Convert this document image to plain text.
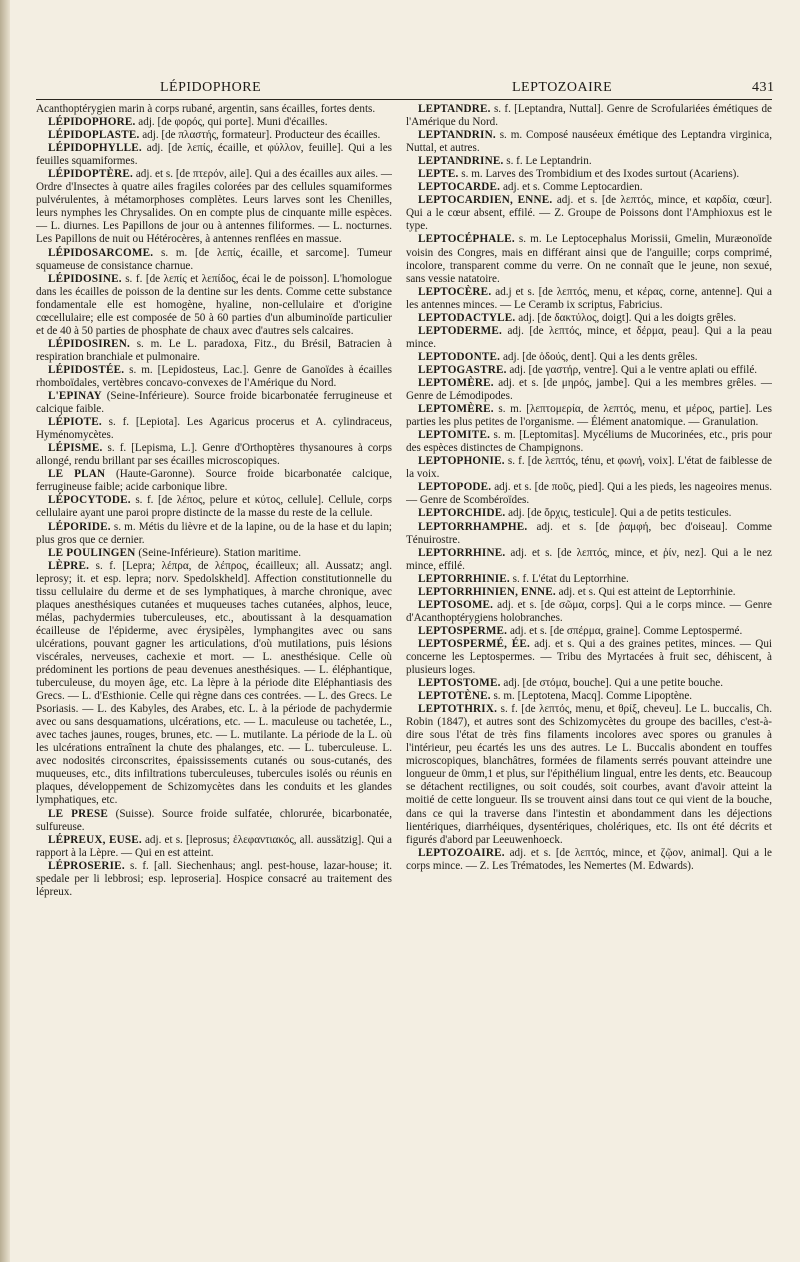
LÉPIDOPHORE	LEPTOZOAIRE	431

Acanthoptérygien marin à corps rubané, argentin, sans écailles, fortes dents.

LÉPIDOPHORE. adj. [de φορός, qui porte]. Muni d'écailles.

LÉPIDOPLASTE. adj. [de πλαστής, formateur]. Producteur des écailles.

LÉPIDOPHYLLE. adj. [de λεπίς, écaille, et φύλλον, feuille]. Qui a les feuilles squamiformes.

LÉPIDOPTÈRE. adj. et s. [de πτερόν, aile]. Qui a des écailles aux ailes. — Ordre d'Insectes à quatre ailes fragiles colorées par des cellules squamiformes pulvérulentes, à métamorphoses complètes. Leurs larves sont les Chenilles, leurs nymphes les Chrysalides. On en compte plus de cinquante mille espèces. — L. diurnes. Les Papillons de jour ou à antennes filiformes. — L. nocturnes. Les Papillons de nuit ou Hétérocères, à antennes renflées en massue.

LÉPIDOSARCOME. s. m. [de λεπίς, écaille, et sarcome]. Tumeur squameuse de consistance charnue.

LÉPIDOSINE. s. f. [de λεπίς et λεπίδος, écai le de poisson]. L'homologue dans les écailles de poisson de la dentine sur les dents. Comme cette substance fondamentale elle est homogène, hyaline, non-cellulaire et d'origine cœcellulaire; elle est composée de 50 à 60 parties d'un albuminoïde particulier et de 40 à 50 parties de phosphate de chaux avec d'autres sels calcaires.

LÉPIDOSIREN. s. m. Le L. paradoxa, Fitz., du Brésil, Batracien à respiration branchiale et pulmonaire.

LÉPIDOSTÉE. s. m. [Lepidosteus, Lac.]. Genre de Ganoïdes à écailles rhomboïdales, vertèbres concavo-convexes de l'Amérique du Nord.

L'EPINAY (Seine-Inférieure). Source froide bicarbonatée ferrugineuse et calcique faible.

LÉPIOTE. s. f. [Lepiota]. Les Agaricus procerus et A. cylindraceus, Hyménomycètes.

LÉPISME. s. f. [Lepisma, L.]. Genre d'Orthoptères thysanoures à corps allongé, rendu brillant par ses écailles microscopiques.

LE PLAN (Haute-Garonne). Source froide bicarbonatée calcique, ferrugineuse faible; acide carbonique libre.

LÉPOCYTODE. s. f. [de λέπος, pelure et κύτος, cellule]. Cellule, corps cellulaire ayant une paroi propre distincte de la masse du reste de la cellule.

LÉPORIDE. s. m. Métis du lièvre et de la lapine, ou de la hase et du lapin; plus gros que ce dernier.

LE POULINGEN (Seine-Inférieure). Station maritime.

LÈPRE. s. f. [Lepra; λέπρα, de λέπρος, écailleux; all. Aussatz; angl. leprosy; it. et esp. lepra; norv. Spedolskheld]. Affection constitutionnelle du tissu cellulaire du derme et de ses lymphatiques, à marche chronique, avec plaques anesthésiques cutanées et muqueuses taches cutanées, alphos, leuce, mélas, pachydermies tuberculeuses, etc., aboutissant à la desquamation écailleuse de l'épiderme, avec érysipèles, lymphangites avec ou sans ulcérations, pouvant gagner les articulations, d'où mutilations, puis lésions viscérales, nerveuses, cachexie et mort. — L. anesthésique. Celle où prédominent les portions de peau devenues anesthésiques. — L. éléphantique, tuberculeuse, du moyen âge, etc. La lèpre à la période dite Eléphantiasis des Grecs. — L. d'Esthionie. Celle qui règne dans ces contrées. — L. des Grecs. Le Psoriasis. — L. des Kabyles, des Arabes, etc. L. à la période de pachydermie avec ou sans desquamations, ulcérations, etc. — L. maculeuse ou tachetée, L., avec taches jaunes, rouges, brunes, etc. — L. mutilante. La période de la L. où les ulcérations entraînent la chute des phalanges, etc. — L. tuberculeuse. L. avec nodosités circonscrites, épaississements cutanés ou sous-cutanés, des muqueuses, etc., dits infiltrations tuberculeuses, tubercules isolés ou réunis en plaques, développement de Schizomycètes dans les conduits et les glandes lymphatiques, etc.

LE PRESE (Suisse). Source froide sulfatée, chlorurée, bicarbonatée, sulfureuse.

LÉPREUX, EUSE. adj. et s. [leprosus; ἐλεφαντιακός, all. aussätzig]. Qui a rapport à la Lèpre. — Qui en est atteint.

LÉPROSERIE. s. f. [all. Siechenhaus; angl. pest-house, lazar-house; it. spedale per li lebbrosi; esp. leproseria]. Hospice consacré au traitement des lépreux.

LEPTANDRE. s. f. [Leptandra, Nuttal]. Genre de Scrofulariées émétiques de l'Amérique du Nord.

LEPTANDRIN. s. m. Composé nauséeux émétique des Leptandra virginica, Nuttal, et autres.

LEPTANDRINE. s. f. Le Leptandrin.

LEPTE. s. m. Larves des Trombidium et des Ixodes surtout (Acariens).

LEPTOCARDE. adj. et s. Comme Leptocardien.

LEPTOCARDIEN, ENNE. adj. et s. [de λεπτός, mince, et καρδία, cœur]. Qui a le cœur absent, effilé. — Z. Groupe de Poissons dont l'Amphioxus est le type.

LEPTOCÉPHALE. s. m. Le Leptocephalus Morissii, Gmelin, Muræonoïde voisin des Congres, mais en différant ainsi que de l'anguille; corps comprimé, incolore, transparent comme du verre. On ne connaît que le jeune, non sexué, sans vessie natatoire.

LEPTOCÈRE. ad.j et s. [de λεπτός, menu, et κέρας, corne, antenne]. Qui a les antennes minces. — Le Ceramb ix scriptus, Fabricius.

LEPTODACTYLE. adj. [de δακτύλος, doigt]. Qui a les doigts grêles.

LEPTODERME. adj. [de λεπτός, mince, et δέρμα, peau]. Qui a la peau mince.

LEPTODONTE. adj. [de ὀδούς, dent]. Qui a les dents grêles.

LEPTOGASTRE. adj. [de γαστήρ, ventre]. Qui a le ventre aplati ou effilé.

LEPTOMÈRE. adj. et s. [de μηρός, jambe]. Qui a les membres grêles. — Genre de Lémodipodes.

LEPTOMÈRE. s. m. [λεπτομερία, de λεπτός, menu, et μέρος, partie]. Les parties les plus petites de l'organisme. — Élément anatomique. — Granulation.

LEPTOMITE. s. m. [Leptomitas]. Mycéliums de Mucorinées, etc., pris pour des espèces distinctes de Champignons.

LEPTOPHONIE. s. f. [de λεπτός, ténu, et φωνή, voix]. L'état de faiblesse de la voix.

LEPTOPODE. adj. et s. [de ποῦς, pied]. Qui a les pieds, les nageoires menus. — Genre de Scombéroïdes.

LEPTORCHIDE. adj. [de ὄρχις, testicule]. Qui a de petits testicules.

LEPTORRHAMPHE. adj. et s. [de ῥαμφή, bec d'oiseau]. Comme Ténuirostre.

LEPTORRHINE. adj. et s. [de λεπτός, mince, et ῥίν, nez]. Qui a le nez mince, effilé.

LEPTORRHINIE. s. f. L'état du Leptorrhine.

LEPTORRHINIEN, ENNE. adj. et s. Qui est atteint de Leptorrhinie.

LEPTOSOME. adj. et s. [de σῶμα, corps]. Qui a le corps mince. — Genre d'Acanthoptérygiens holobranches.

LEPTOSPERME. adj. et s. [de σπέρμα, graine]. Comme Leptospermé.

LEPTOSPERMÉ, ÉE. adj. et s. Qui a des graines petites, minces. — Qui concerne les Leptospermes. — Tribu des Myrtacées à fruit sec, déhiscent, à plusieurs loges.

LEPTOSTOME. adj. [de στόμα, bouche]. Qui a une petite bouche.

LEPTOTÈNE. s. m. [Leptotena, Macq]. Comme Lipoptène.

LEPTOTHRIX. s. f. [de λεπτός, menu, et θρίξ, cheveu]. Le L. buccalis, Ch. Robin (1847), et autres sont des Schizomycètes du groupe des bacilles, c'est-à-dire sous l'état de très fins filaments incolores avec spores ou granules à l'intérieur, peu écartés les uns des autres. Le L. Buccalis abondent en touffes microscopiques, blanchâtres, formées de filaments serrés pouvant atteindre une longueur de 0mm,1 et plus, sur l'épithélium lingual, entre les dents, etc. Beaucoup se détachent rectilignes, ou soit coudés, soit courbes, avant d'avoir atteint la moitié de cette longueur. Ils se trouvent ainsi dans tout ce qui vient de la bouche, dans ce qui la traverse dans l'intestin et abondamment dans les déjections lientériques, diarrhéiques, dysentériques, cholériques, etc. Ils ont été décrits et figurés d'abord par Leeuwenhoeck.

LEPTOZOAIRE. adj. et s. [de λεπτός, mince, et ζῷον, animal]. Qui a le corps mince. — Z. Les Trématodes, les Nemertes (M. Edwards).
